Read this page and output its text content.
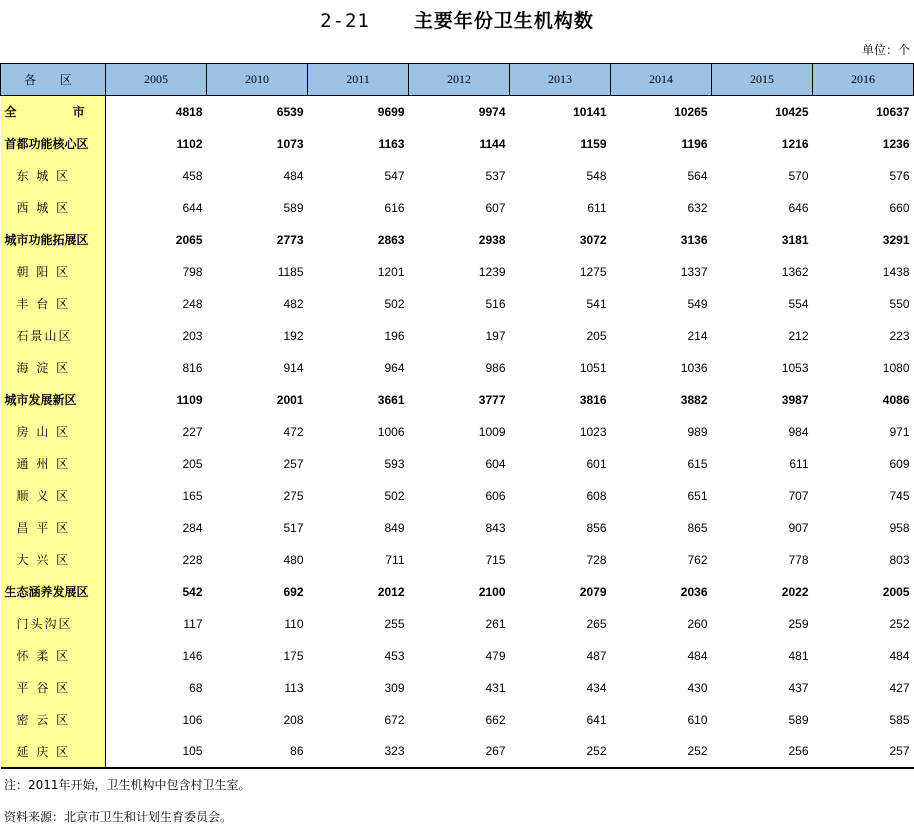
2-21 主要年份卫生机构数
单位：个
各 区	2005	2010	2011	2012	2013	2014	2015	2016
全 市	4818	6539	9699	9974	10141	10265	10425	10637
首都功能核心区	1102	1073	1163	1144	1159	1196	1216	1236
东 城 区	458	484	547	537	548	564	570	576
西 城 区	644	589	616	607	611	632	646	660
城市功能拓展区	2065	2773	2863	2938	3072	3136	3181	3291
朝 阳 区	798	1185	1201	1239	1275	1337	1362	1438
丰 台 区	248	482	502	516	541	549	554	550
石景山区	203	192	196	197	205	214	212	223
海 淀 区	816	914	964	986	1051	1036	1053	1080
城市发展新区	1109	2001	3661	3777	3816	3882	3987	4086
房 山 区	227	472	1006	1009	1023	989	984	971
通 州 区	205	257	593	604	601	615	611	609
顺 义 区	165	275	502	606	608	651	707	745
昌 平 区	284	517	849	843	856	865	907	958
大 兴 区	228	480	711	715	728	762	778	803
生态涵养发展区	542	692	2012	2100	2079	2036	2022	2005
门头沟区	117	110	255	261	265	260	259	252
怀 柔 区	146	175	453	479	487	484	481	484
平 谷 区	68	113	309	431	434	430	437	427
密 云 区	106	208	672	662	641	610	589	585
延 庆 区	105	86	323	267	252	252	256	257
注：2011年开始，卫生机构中包含村卫生室。
资料来源：北京市卫生和计划生育委员会。
